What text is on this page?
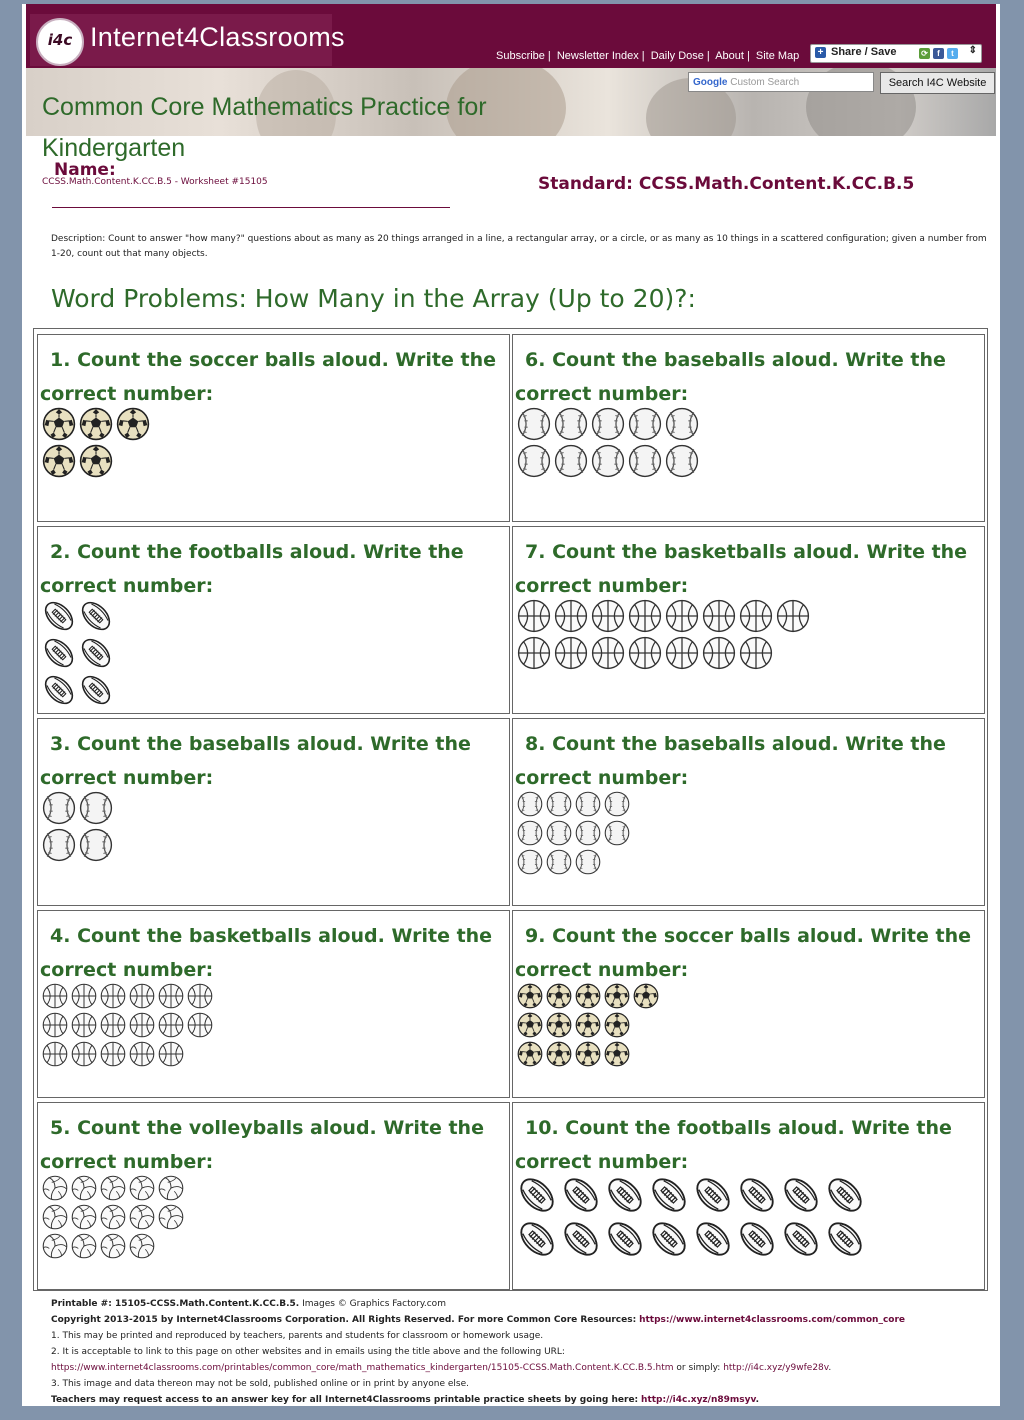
i4c Internet4Classrooms
Subscribe | Newsletter Index | Daily Dose | About | Site Map + Share / Save	⟳ f t	⇕
Google Custom Search	Search I4C Website
Common Core Mathematics Practice for
Kindergarten
Name:
CCSS.Math.Content.K.CC.B.5 - Worksheet #15105	Standard: CCSS.Math.Content.K.CC.B.5
Description: Count to answer "how many?" questions about as many as 20 things arranged in a line, a rectangular array, or a circle, or as many as 10 things in a scattered configuration; given a number from 1-20, count out that many objects.
Word Problems: How Many in the Array (Up to 20)?:
1. Count the soccer balls aloud. Write the correct number:
2. Count the footballs aloud. Write the correct number:
3. Count the baseballs aloud. Write the correct number:
4. Count the basketballs aloud. Write the correct number:
5. Count the volleyballs aloud. Write the correct number:
6. Count the baseballs aloud. Write the correct number:
7. Count the basketballs aloud. Write the correct number:
8. Count the baseballs aloud. Write the correct number:
9. Count the soccer balls aloud. Write the correct number:
10. Count the footballs aloud. Write the correct number:
Printable #: 15105-CCSS.Math.Content.K.CC.B.5. Images © Graphics Factory.com
Copyright 2013-2015 by Internet4Classrooms Corporation. All Rights Reserved. For more Common Core Resources: https://www.internet4classrooms.com/common_core
1. This may be printed and reproduced by teachers, parents and students for classroom or homework usage.
2. It is acceptable to link to this page on other websites and in emails using the title above and the following URL:
https://www.internet4classrooms.com/printables/common_core/math_mathematics_kindergarten/15105-CCSS.Math.Content.K.CC.B.5.htm or simply: http://i4c.xyz/y9wfe28v.
3. This image and data thereon may not be sold, published online or in print by anyone else.
Teachers may request access to an answer key for all Internet4Classrooms printable practice sheets by going here: http://i4c.xyz/n89msyv.
